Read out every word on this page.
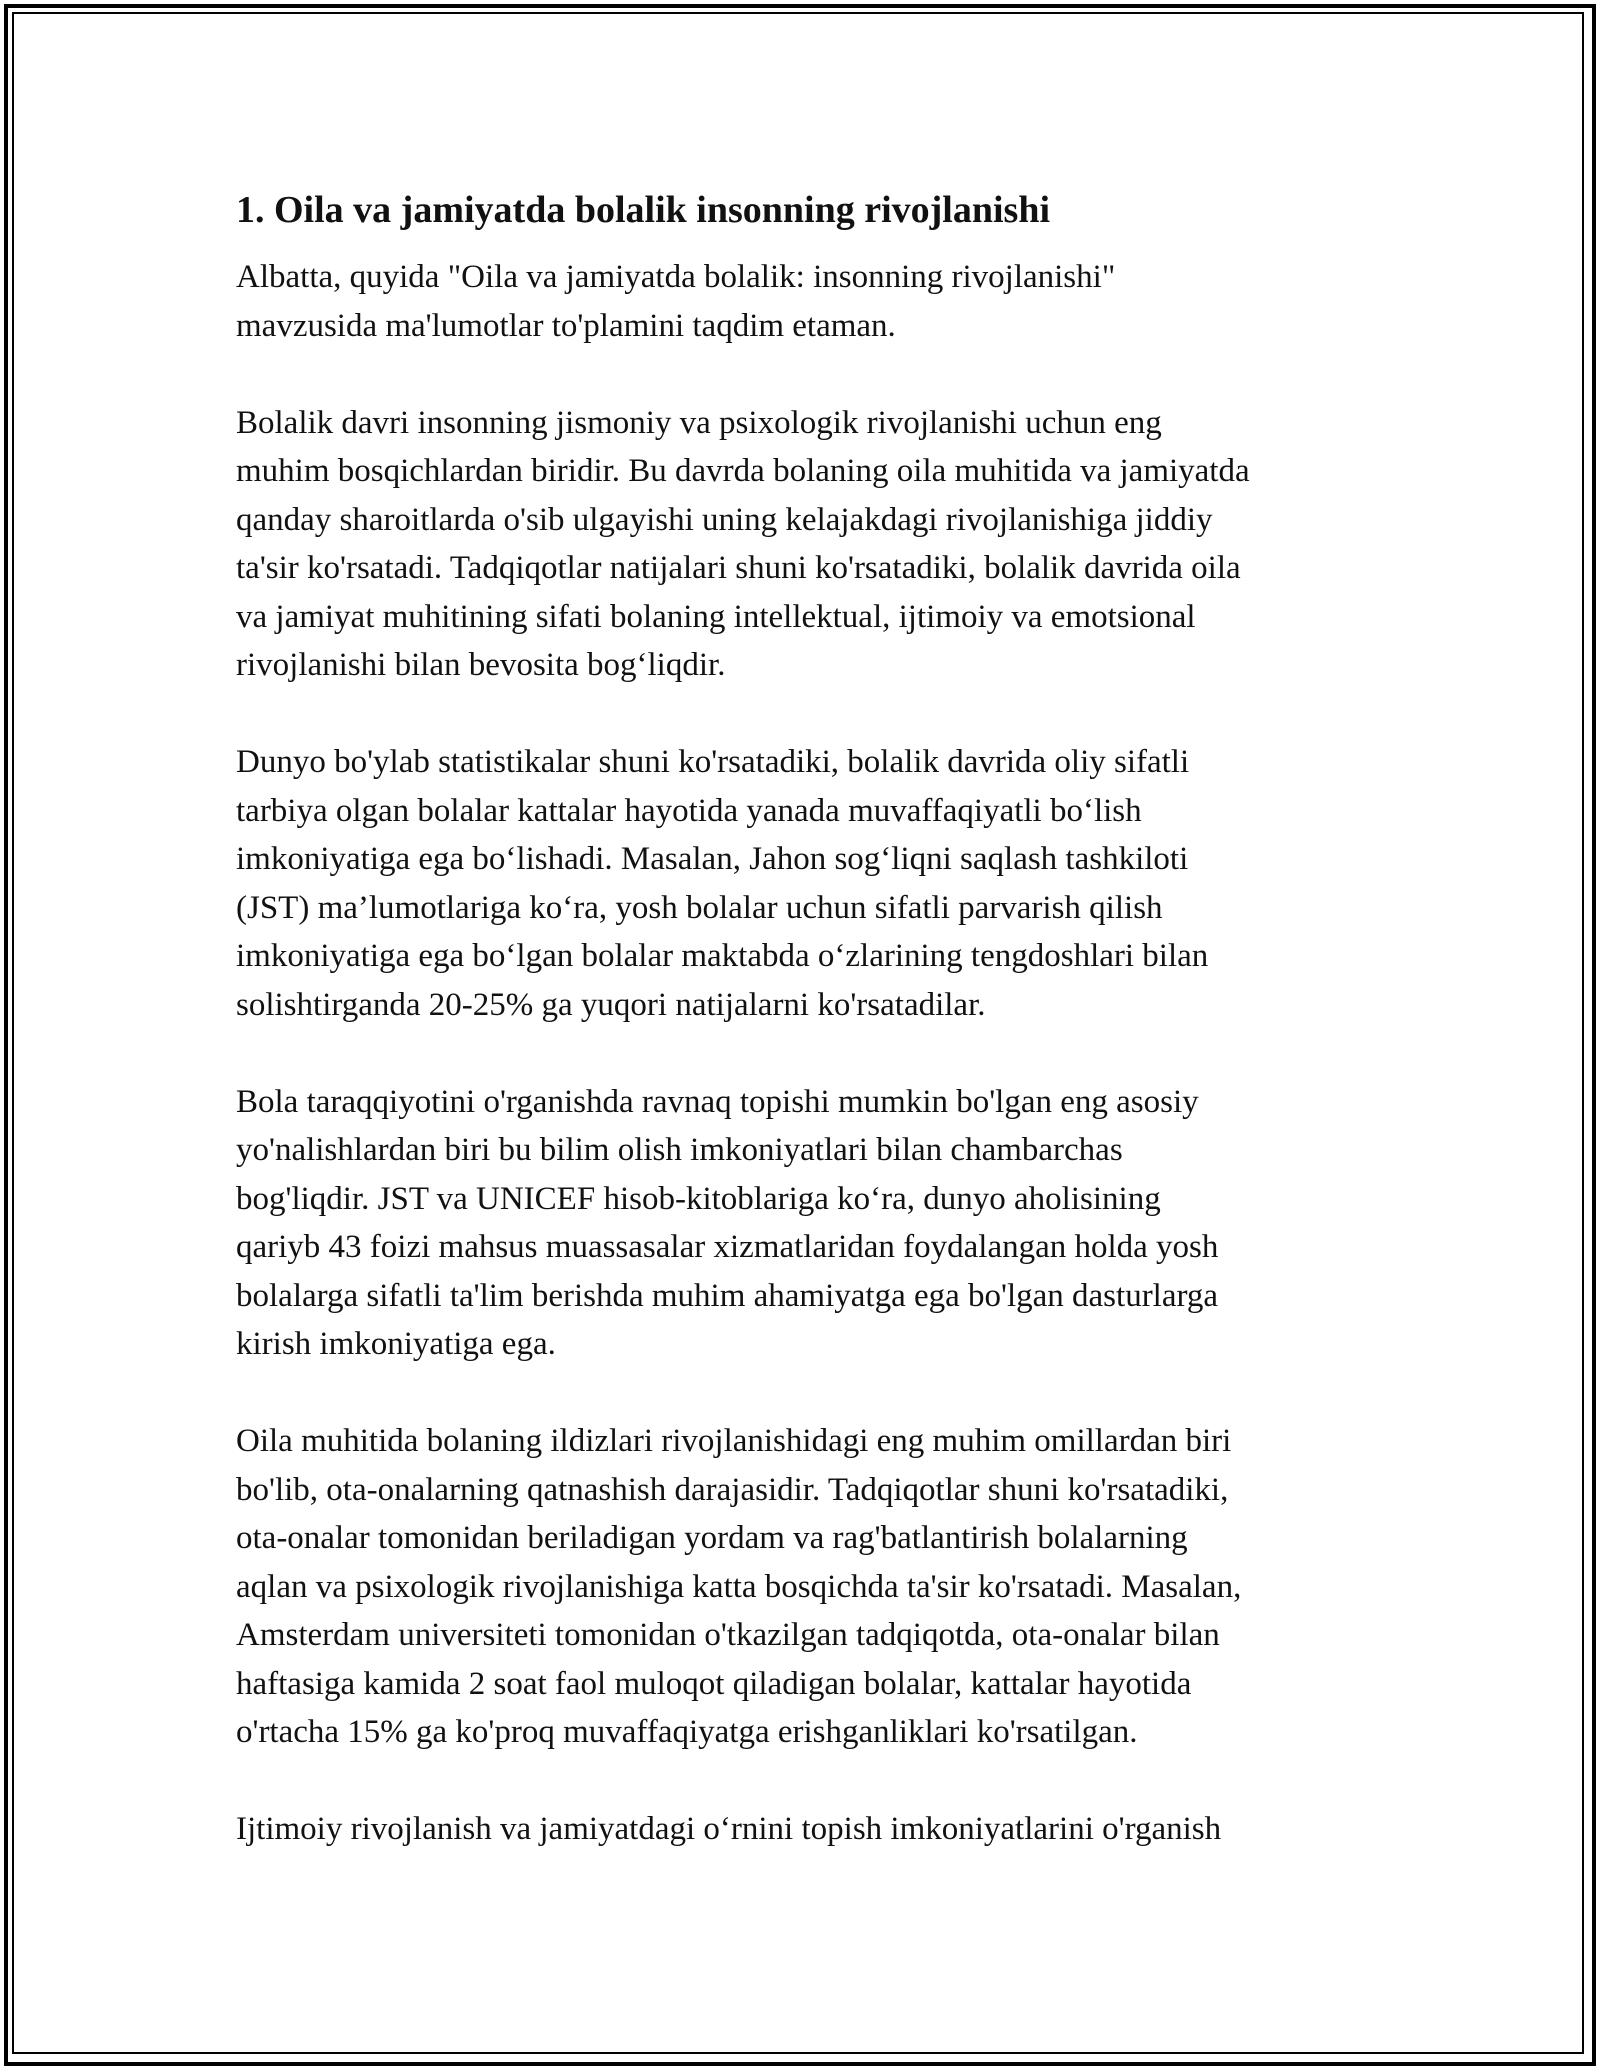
1. Oila va jamiyatda bolalik insonning rivojlanishi

Albatta, quyida "Oila va jamiyatda bolalik: insonning rivojlanishi"
mavzusida ma'lumotlar to'plamini taqdim etaman.

Bolalik davri insonning jismoniy va psixologik rivojlanishi uchun eng
muhim bosqichlardan biridir. Bu davrda bolaning oila muhitida va jamiyatda
qanday sharoitlarda o'sib ulgayishi uning kelajakdagi rivojlanishiga jiddiy
ta'sir ko'rsatadi. Tadqiqotlar natijalari shuni ko'rsatadiki, bolalik davrida oila
va jamiyat muhitining sifati bolaning intellektual, ijtimoiy va emotsional
rivojlanishi bilan bevosita bog‘liqdir.

Dunyo bo'ylab statistikalar shuni ko'rsatadiki, bolalik davrida oliy sifatli
tarbiya olgan bolalar kattalar hayotida yanada muvaffaqiyatli bo‘lish
imkoniyatiga ega bo‘lishadi. Masalan, Jahon sog‘liqni saqlash tashkiloti
(JST) ma’lumotlariga ko‘ra, yosh bolalar uchun sifatli parvarish qilish
imkoniyatiga ega bo‘lgan bolalar maktabda o‘zlarining tengdoshlari bilan
solishtirganda 20-25% ga yuqori natijalarni ko'rsatadilar.

Bola taraqqiyotini o'rganishda ravnaq topishi mumkin bo'lgan eng asosiy
yo'nalishlardan biri bu bilim olish imkoniyatlari bilan chambarchas
bog'liqdir. JST va UNICEF hisob-kitoblariga ko‘ra, dunyo aholisining
qariyb 43 foizi mahsus muassasalar xizmatlaridan foydalangan holda yosh
bolalarga sifatli ta'lim berishda muhim ahamiyatga ega bo'lgan dasturlarga
kirish imkoniyatiga ega.

Oila muhitida bolaning ildizlari rivojlanishidagi eng muhim omillardan biri
bo'lib, ota-onalarning qatnashish darajasidir. Tadqiqotlar shuni ko'rsatadiki,
ota-onalar tomonidan beriladigan yordam va rag'batlantirish bolalarning
aqlan va psixologik rivojlanishiga katta bosqichda ta'sir ko'rsatadi. Masalan,
Amsterdam universiteti tomonidan o'tkazilgan tadqiqotda, ota-onalar bilan
haftasiga kamida 2 soat faol muloqot qiladigan bolalar, kattalar hayotida
o'rtacha 15% ga ko'proq muvaffaqiyatga erishganliklari ko'rsatilgan.

Ijtimoiy rivojlanish va jamiyatdagi o‘rnini topish imkoniyatlarini o'rganish
